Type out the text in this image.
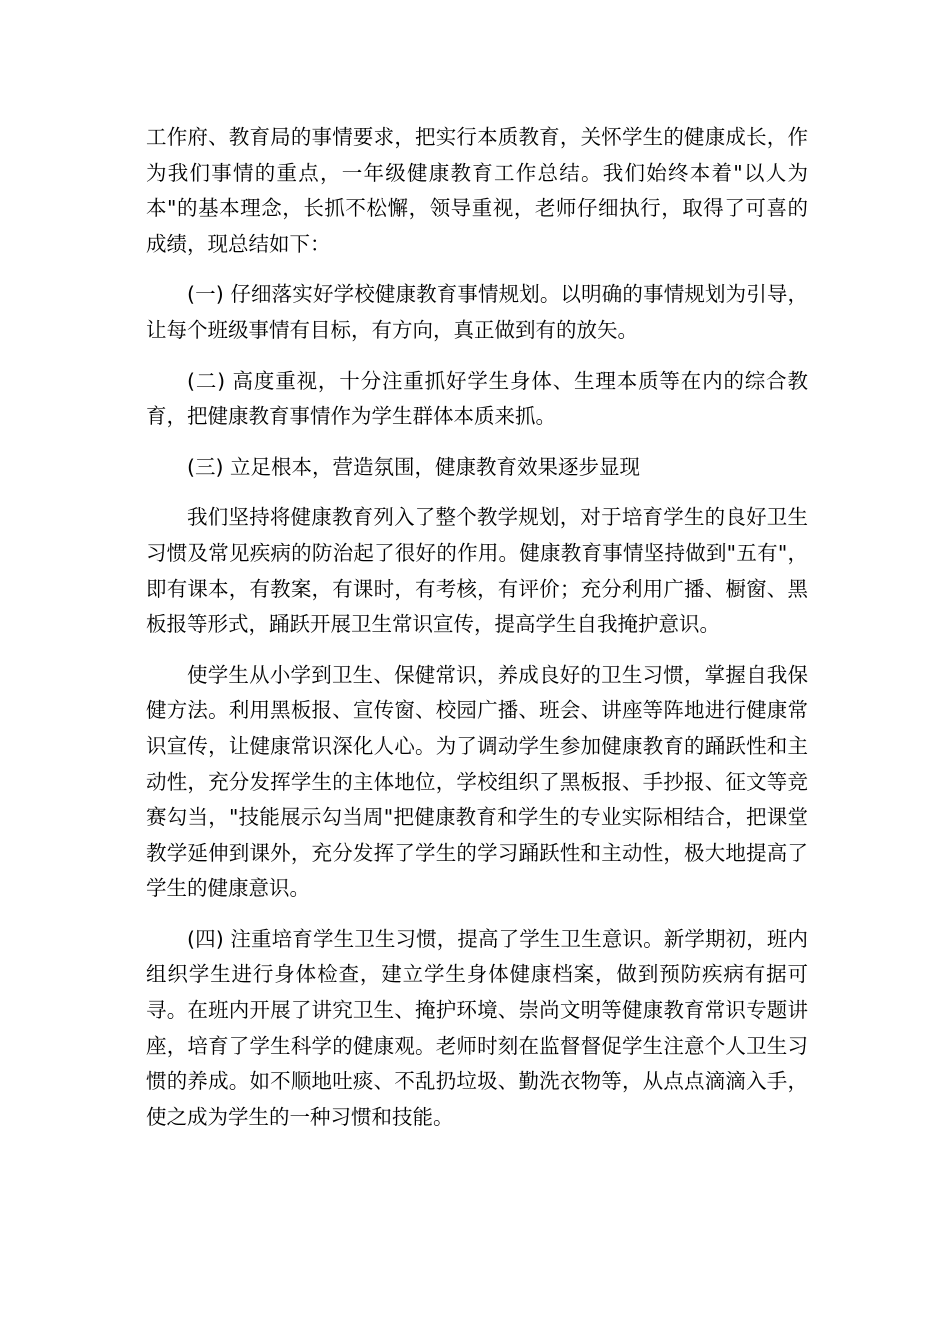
工作府、教育局的事情要求，把实行本质教育，关怀学生的健康成长，作为我们事情的重点，一年级健康教育工作总结。我们始终本着"以人为本"的基本理念，长抓不松懈，领导重视，老师仔细执行，取得了可喜的成绩，现总结如下：

(一) 仔细落实好学校健康教育事情规划。以明确的事情规划为引导，让每个班级事情有目标，有方向，真正做到有的放矢。

(二) 高度重视，十分注重抓好学生身体、生理本质等在内的综合教育，把健康教育事情作为学生群体本质来抓。

(三) 立足根本，营造氛围，健康教育效果逐步显现

我们坚持将健康教育列入了整个教学规划，对于培育学生的良好卫生习惯及常见疾病的防治起了很好的作用。健康教育事情坚持做到"五有"，即有课本，有教案，有课时，有考核，有评价；充分利用广播、橱窗、黑板报等形式，踊跃开展卫生常识宣传，提高学生自我掩护意识。

使学生从小学到卫生、保健常识，养成良好的卫生习惯，掌握自我保健方法。利用黑板报、宣传窗、校园广播、班会、讲座等阵地进行健康常识宣传，让健康常识深化人心。为了调动学生参加健康教育的踊跃性和主动性，充分发挥学生的主体地位，学校组织了黑板报、手抄报、征文等竞赛勾当，"技能展示勾当周"把健康教育和学生的专业实际相结合，把课堂教学延伸到课外，充分发挥了学生的学习踊跃性和主动性，极大地提高了学生的健康意识。

(四) 注重培育学生卫生习惯，提高了学生卫生意识。新学期初，班内组织学生进行身体检查，建立学生身体健康档案，做到预防疾病有据可寻。在班内开展了讲究卫生、掩护环境、崇尚文明等健康教育常识专题讲座，培育了学生科学的健康观。老师时刻在监督督促学生注意个人卫生习惯的养成。如不顺地吐痰、不乱扔垃圾、勤洗衣物等，从点点滴滴入手，使之成为学生的一种习惯和技能。
